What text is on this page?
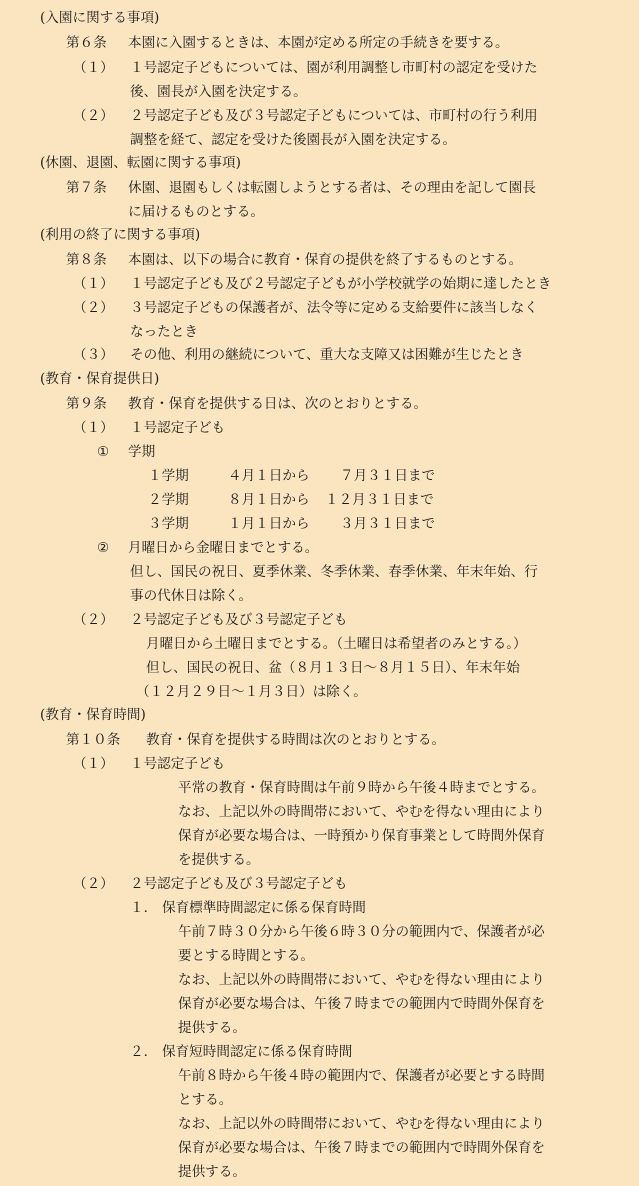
(入園に関する事項)
第６条 本園に入園するときは、本園が定める所定の手続きを要する。
（１） １号認定子どもについては、園が利用調整し市町村の認定を受けた
後、園長が入園を決定する。
（２） ２号認定子ども及び３号認定子どもについては、市町村の行う利用
調整を経て、認定を受けた後園長が入園を決定する。
(休園、退園、転園に関する事項)
第７条 休園、退園もしくは転園しようとする者は、その理由を記して園長
に届けるものとする。
(利用の終了に関する事項)
第８条 本園は、以下の場合に教育・保育の提供を終了するものとする。
（１） １号認定子ども及び２号認定子どもが小学校就学の始期に達したとき
（２） ３号認定子どもの保護者が、法令等に定める支給要件に該当しなく
なったとき
（３） その他、利用の継続について、重大な支障又は困難が生じたとき
(教育・保育提供日)
第９条 教育・保育を提供する日は、次のとおりとする。
（１） １号認定子ども
① 学期
１学期	４月１日から ７月３１日まで
２学期	８月１日から １２月３１日まで
３学期	１月１日から ３月３１日まで
② 月曜日から金曜日までとする。
但し、国民の祝日、夏季休業、冬季休業、春季休業、年末年始、行
事の代休日は除く。
（２） ２号認定子ども及び３号認定子ども
月曜日から土曜日までとする。（土曜日は希望者のみとする。）
但し、国民の祝日、盆（８月１３日～８月１５日）、年末年始
（１２月２９日～１月３日）は除く。
(教育・保育時間)
第１０条 教育・保育を提供する時間は次のとおりとする。
（１） １号認定子ども
平常の教育・保育時間は午前９時から午後４時までとする。
なお、上記以外の時間帯において、やむを得ない理由により
保育が必要な場合は、一時預かり保育事業として時間外保育
を提供する。
（２） ２号認定子ども及び３号認定子ども
１． 保育標準時間認定に係る保育時間
午前７時３０分から午後６時３０分の範囲内で、保護者が必
要とする時間とする。
なお、上記以外の時間帯において、やむを得ない理由により
保育が必要な場合は、午後７時までの範囲内で時間外保育を
提供する。
２． 保育短時間認定に係る保育時間
午前８時から午後４時の範囲内で、保護者が必要とする時間
とする。
なお、上記以外の時間帯において、やむを得ない理由により
保育が必要な場合は、午後７時までの範囲内で時間外保育を
提供する。
